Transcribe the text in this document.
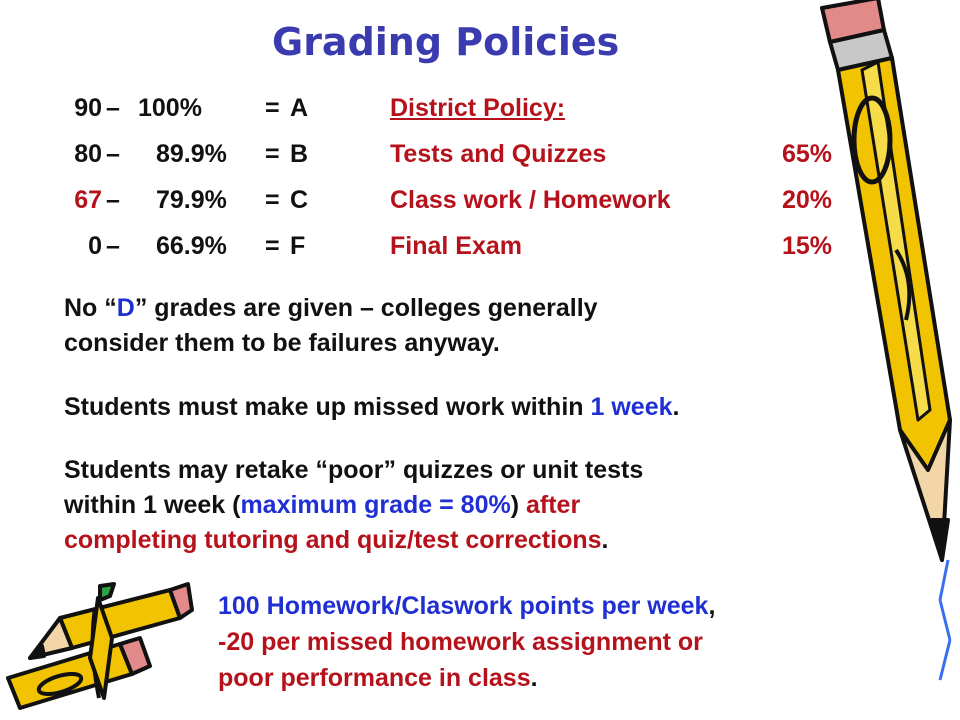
Grading Policies
90 – 100%	= A
80 – 89.9% = B
67 – 79.9% = C
0 – 66.9% = F
District Policy:
Tests and Quizzes	65%
Class work / Homework	20%
Final Exam	15%
No “D” grades are given – colleges generally
consider them to be failures anyway.
Students must make up missed work within 1 week.
Students may retake “poor” quizzes or unit tests
within 1 week (maximum grade = 80%) after
completing tutoring and quiz/test corrections.
100 Homework/Claswork points per week,
-20 per missed homework assignment or
poor performance in class.
